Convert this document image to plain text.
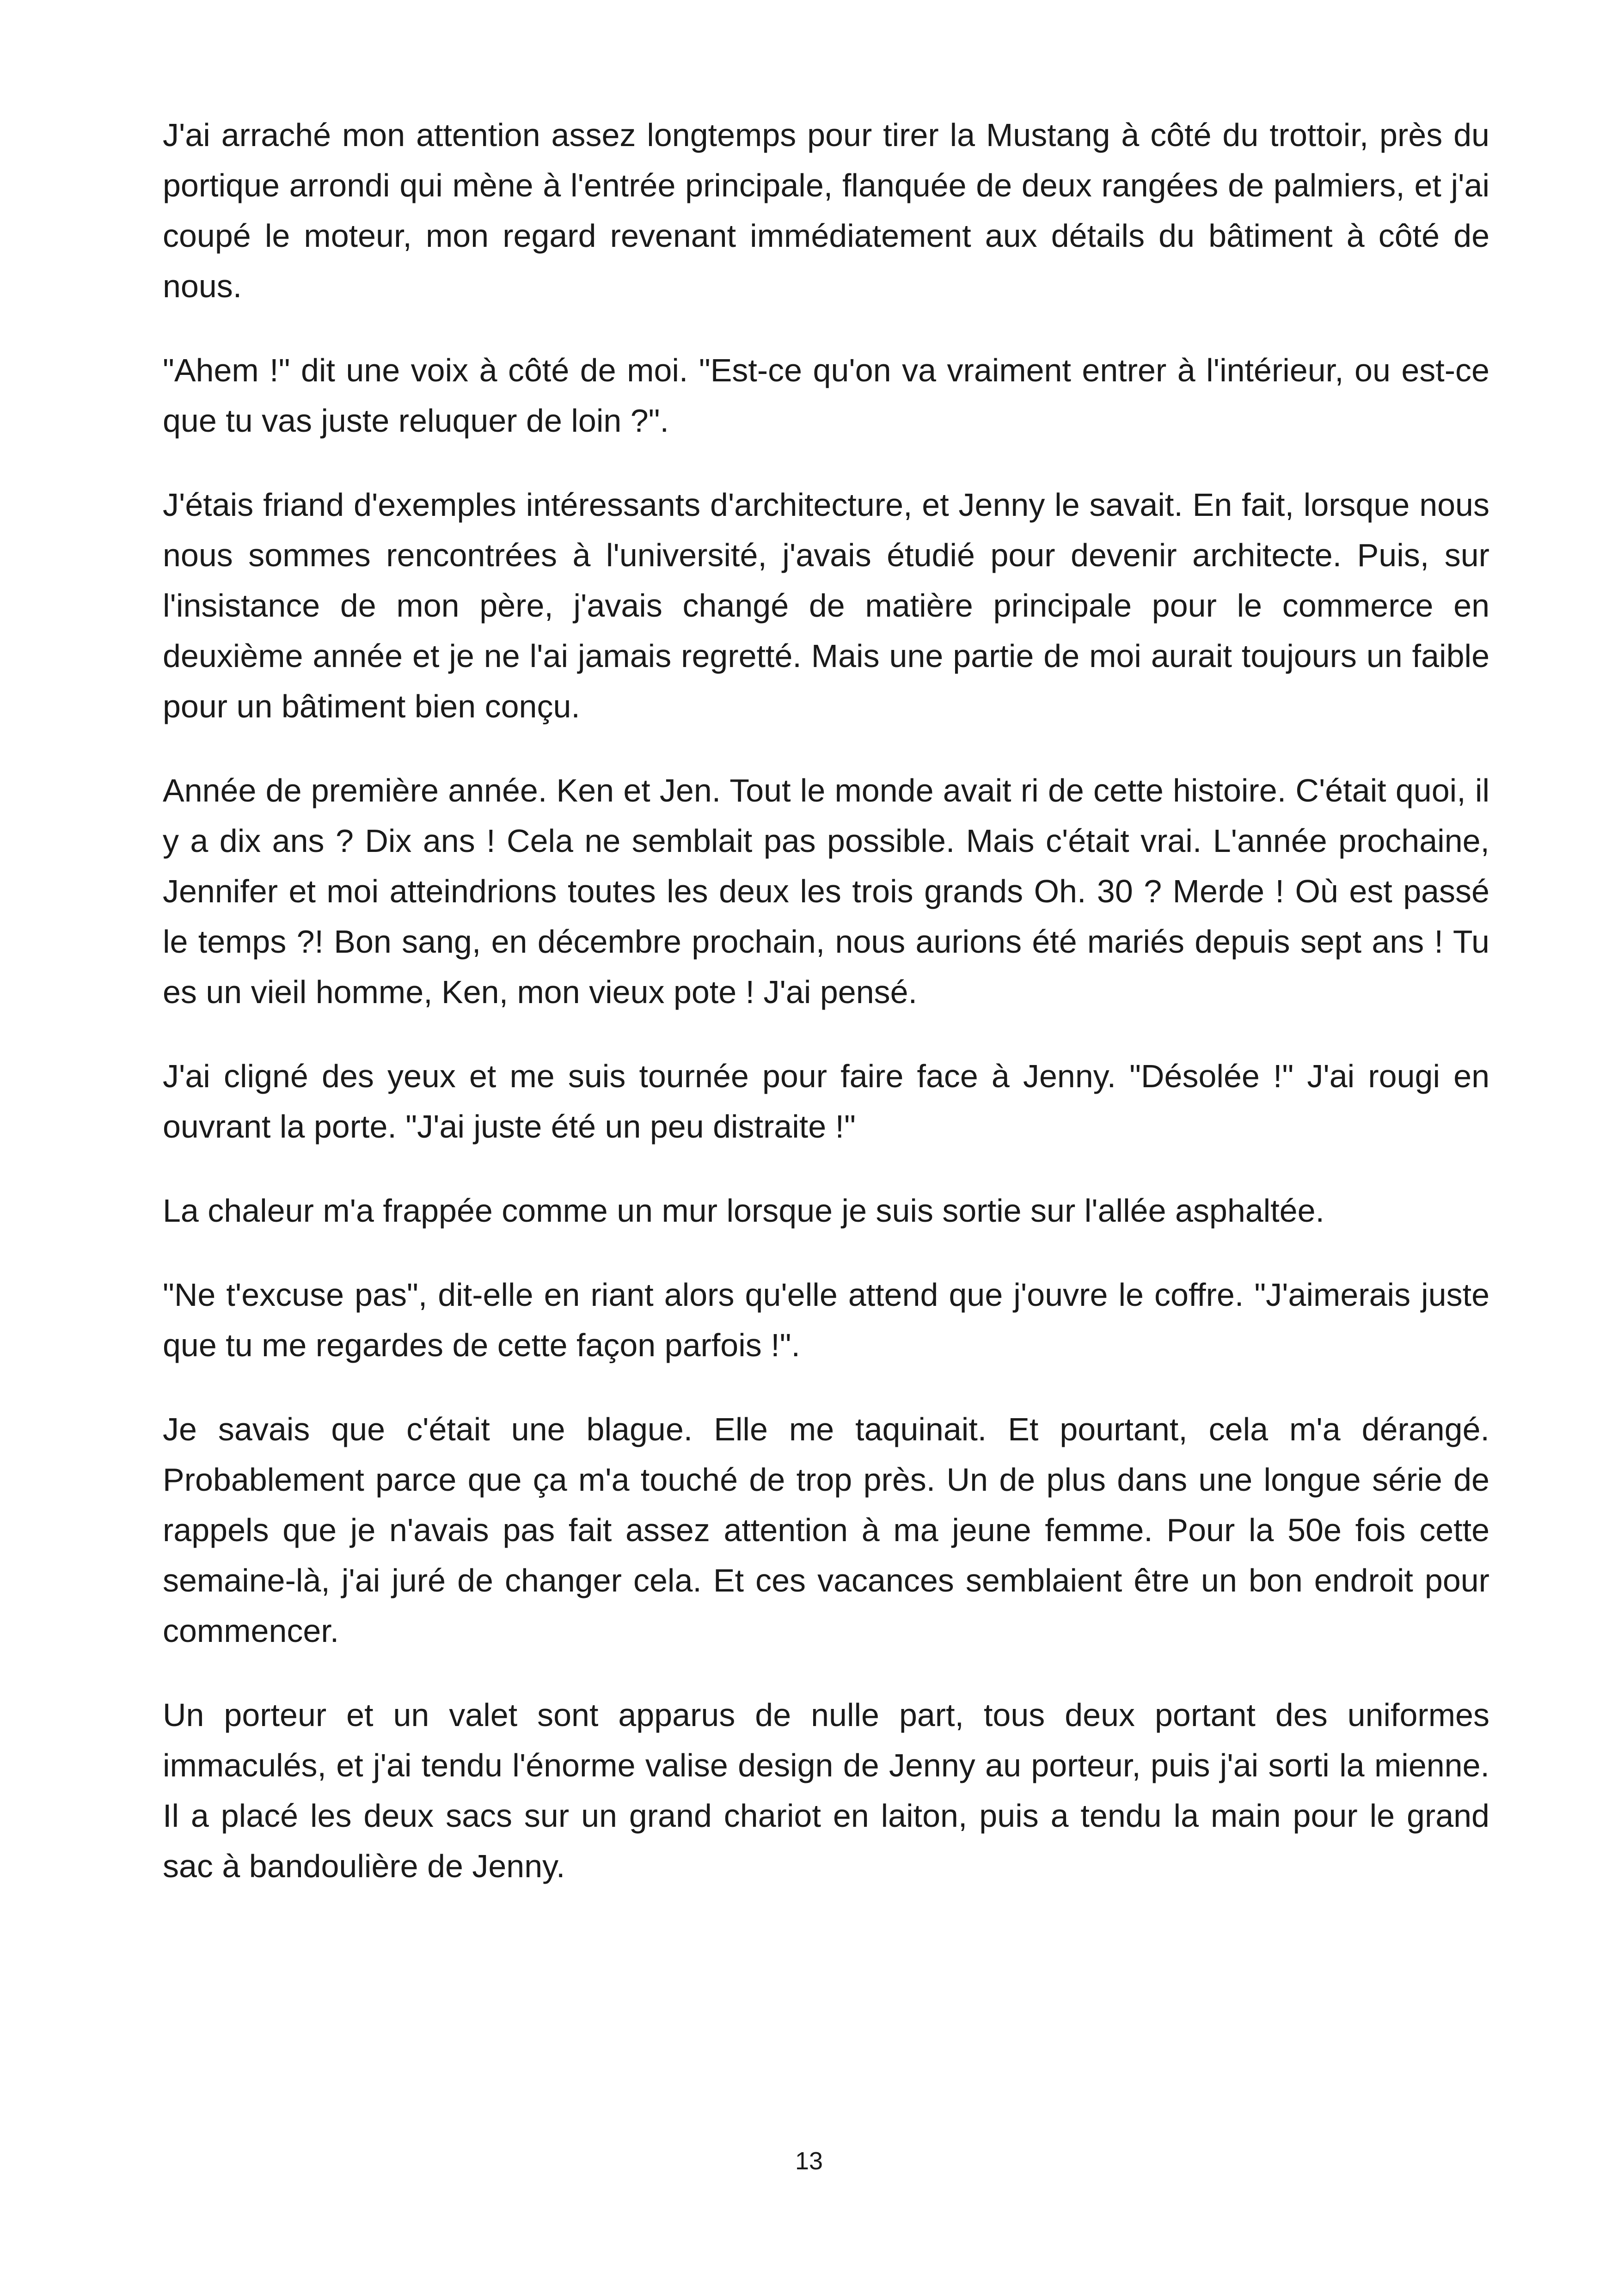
J'ai arraché mon attention assez longtemps pour tirer la Mustang à côté du trottoir, près du portique arrondi qui mène à l'entrée principale, flanquée de deux rangées de palmiers, et j'ai coupé le moteur, mon regard revenant immédiatement aux détails du bâtiment à côté de nous.

"Ahem !" dit une voix à côté de moi. "Est-ce qu'on va vraiment entrer à l'intérieur, ou est-ce que tu vas juste reluquer de loin ?".

J'étais friand d'exemples intéressants d'architecture, et Jenny le savait. En fait, lorsque nous nous sommes rencontrées à l'université, j'avais étudié pour devenir architecte. Puis, sur l'insistance de mon père, j'avais changé de matière principale pour le commerce en deuxième année et je ne l'ai jamais regretté. Mais une partie de moi aurait toujours un faible pour un bâtiment bien conçu.

Année de première année. Ken et Jen. Tout le monde avait ri de cette histoire. C'était quoi, il y a dix ans ? Dix ans ! Cela ne semblait pas possible. Mais c'était vrai. L'année prochaine, Jennifer et moi atteindrions toutes les deux les trois grands Oh. 30 ? Merde ! Où est passé le temps ?! Bon sang, en décembre prochain, nous aurions été mariés depuis sept ans ! Tu es un vieil homme, Ken, mon vieux pote ! J'ai pensé.

J'ai cligné des yeux et me suis tournée pour faire face à Jenny. "Désolée !" J'ai rougi en ouvrant la porte. "J'ai juste été un peu distraite !"

La chaleur m'a frappée comme un mur lorsque je suis sortie sur l'allée asphaltée.

"Ne t'excuse pas", dit-elle en riant alors qu'elle attend que j'ouvre le coffre. "J'aimerais juste que tu me regardes de cette façon parfois !".

Je savais que c'était une blague. Elle me taquinait. Et pourtant, cela m'a dérangé. Probablement parce que ça m'a touché de trop près. Un de plus dans une longue série de rappels que je n'avais pas fait assez attention à ma jeune femme. Pour la 50e fois cette semaine-là, j'ai juré de changer cela. Et ces vacances semblaient être un bon endroit pour commencer.

Un porteur et un valet sont apparus de nulle part, tous deux portant des uniformes immaculés, et j'ai tendu l'énorme valise design de Jenny au porteur, puis j'ai sorti la mienne. Il a placé les deux sacs sur un grand chariot en laiton, puis a tendu la main pour le grand sac à bandoulière de Jenny.

13
